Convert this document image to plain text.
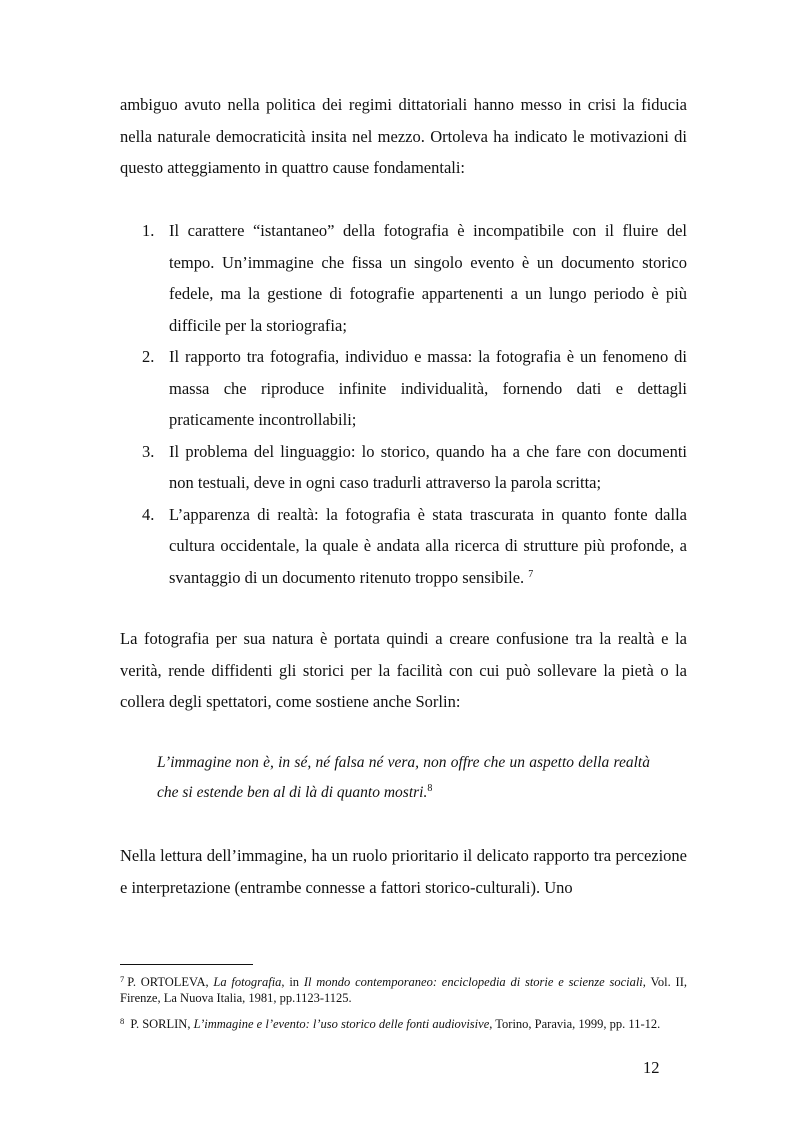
ambiguo avuto nella politica dei regimi dittatoriali hanno messo in crisi la fiducia nella naturale democraticità insita nel mezzo. Ortoleva ha indicato le motivazioni di questo atteggiamento in quattro cause fondamentali:

1. Il carattere “istantaneo” della fotografia è incompatibile con il fluire del tempo. Un’immagine che fissa un singolo evento è un documento storico fedele, ma la gestione di fotografie appartenenti a un lungo periodo è più difficile per la storiografia;
2. Il rapporto tra fotografia, individuo e massa: la fotografia è un fenomeno di massa che riproduce infinite individualità, fornendo dati e dettagli praticamente incontrollabili;
3. Il problema del linguaggio: lo storico, quando ha a che fare con documenti non testuali, deve in ogni caso tradurli attraverso la parola scritta;
4. L’apparenza di realtà: la fotografia è stata trascurata in quanto fonte dalla cultura occidentale, la quale è andata alla ricerca di strutture più profonde, a svantaggio di un documento ritenuto troppo sensibile. $^7$

La fotografia per sua natura è portata quindi a creare confusione tra la realtà e la verità, rende diffidenti gli storici per la facilità con cui può sollevare la pietà o la collera degli spettatori, come sostiene anche Sorlin:

L’immagine non è, in sé, né falsa né vera, non offre che un aspetto della realtà che si estende ben al di là di quanto mostri.$^8$

Nella lettura dell’immagine, ha un ruolo prioritario il delicato rapporto tra percezione e interpretazione (entrambe connesse a fattori storico-culturali). Uno

$^7$ P. ORTOLEVA, La fotografia, in Il mondo contemporaneo: enciclopedia di storie e scienze sociali, Vol. II, Firenze, La Nuova Italia, 1981, pp.1123-1125.

$^8$ P. SORLIN, L’immagine e l’evento: l’uso storico delle fonti audiovisive, Torino, Paravia, 1999, pp. 11-12.

12
